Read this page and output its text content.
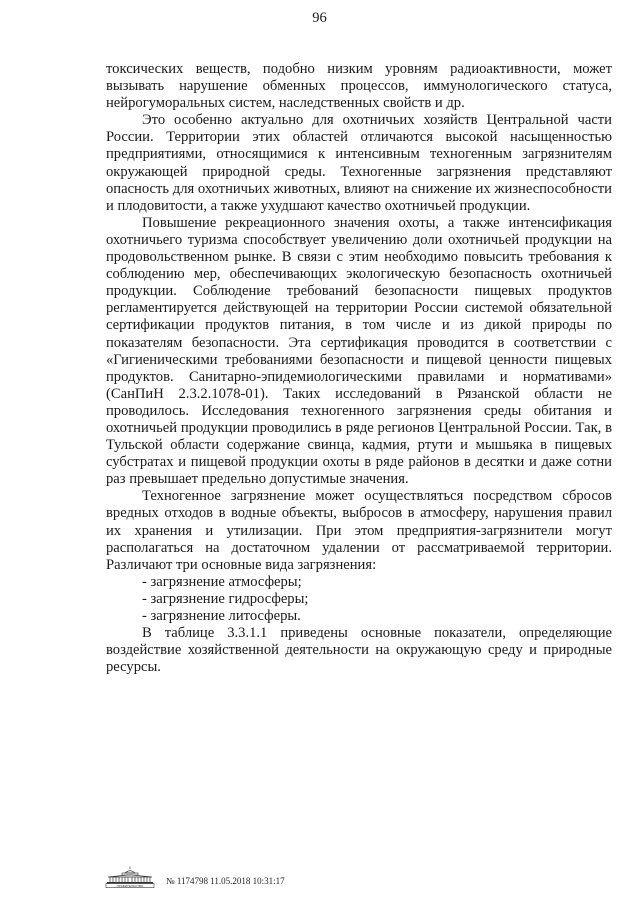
96

токсических веществ, подобно низким уровням радиоактивности, может вызывать нарушение обменных процессов, иммунологического статуса, нейрогуморальных систем, наследственных свойств и др.

Это особенно актуально для охотничьих хозяйств Центральной части России. Территории этих областей отличаются высокой насыщенностью предприятиями, относящимися к интенсивным техногенным загрязнителям окружающей природной среды. Техногенные загрязнения представляют опасность для охотничьих животных, влияют на снижение их жизнеспособности и плодовитости, а также ухудшают качество охотничьей продукции.

Повышение рекреационного значения охоты, а также интенсификация охотничьего туризма способствует увеличению доли охотничьей продукции на продовольственном рынке. В связи с этим необходимо повысить требования к соблюдению мер, обеспечивающих экологическую безопасность охотничьей продукции. Соблюдение требований безопасности пищевых продуктов регламентируется действующей на территории России системой обязательной сертификации продуктов питания, в том числе и из дикой природы по показателям безопасности. Эта сертификация проводится в соответствии с «Гигиеническими требованиями безопасности и пищевой ценности пищевых продуктов. Санитарно-эпидемиологическими правилами и нормативами» (СанПиН 2.3.2.1078-01). Таких исследований в Рязанской области не проводилось. Исследования техногенного загрязнения среды обитания и охотничьей продукции проводились в ряде регионов Центральной России. Так, в Тульской области содержание свинца, кадмия, ртути и мышьяка в пищевых субстратах и пищевой продукции охоты в ряде районов в десятки и даже сотни раз превышает предельно допустимые значения.

Техногенное загрязнение может осуществляться посредством сбросов вредных отходов в водные объекты, выбросов в атмосферу, нарушения правил их хранения и утилизации. При этом предприятия-загрязнители могут располагаться на достаточном удалении от рассматриваемой территории. Различают три основные вида загрязнения:

- загрязнение атмосферы;

- загрязнение гидросферы;

- загрязнение литосферы.

В таблице 3.3.1.1 приведены основные показатели, определяющие воздействие хозяйственной деятельности на окружающую среду и природные ресурсы.

ПРАВИТЕЛЬСТВО	№ 1174798 11.05.2018 10:31:17
